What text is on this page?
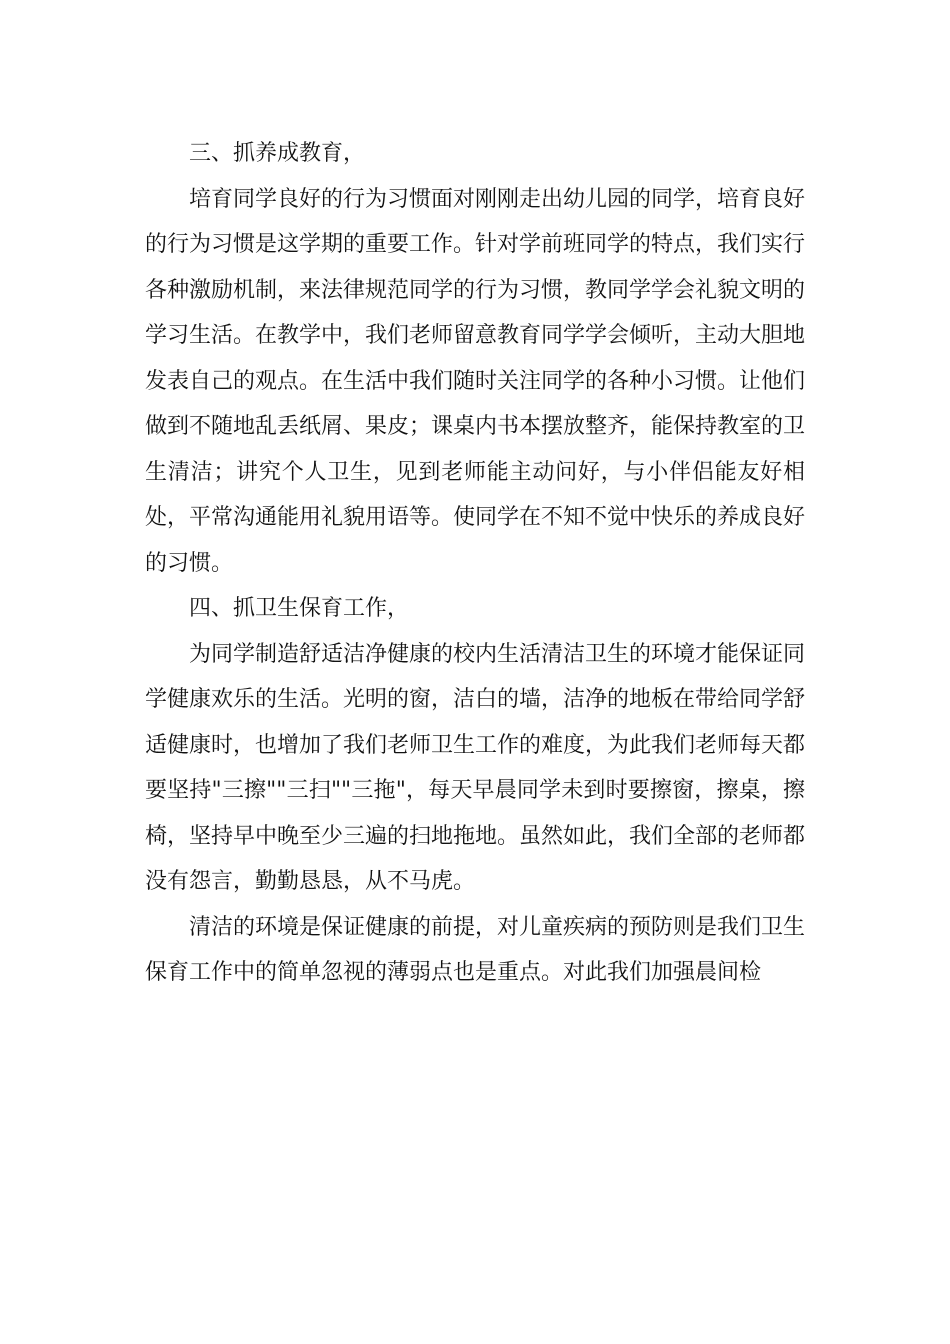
三、抓养成教育，

培育同学良好的行为习惯面对刚刚走出幼儿园的同学，培育良好的行为习惯是这学期的重要工作。针对学前班同学的特点，我们实行各种激励机制，来法律规范同学的行为习惯，教同学学会礼貌文明的学习生活。在教学中，我们老师留意教育同学学会倾听，主动大胆地发表自己的观点。在生活中我们随时关注同学的各种小习惯。让他们做到不随地乱丢纸屑、果皮；课桌内书本摆放整齐，能保持教室的卫生清洁；讲究个人卫生，见到老师能主动问好，与小伴侣能友好相处，平常沟通能用礼貌用语等。使同学在不知不觉中快乐的养成良好的习惯。

四、抓卫生保育工作，

为同学制造舒适洁净健康的校内生活清洁卫生的环境才能保证同学健康欢乐的生活。光明的窗，洁白的墙，洁净的地板在带给同学舒适健康时，也增加了我们老师卫生工作的难度，为此我们老师每天都要坚持"三擦""三扫""三拖"，每天早晨同学未到时要擦窗，擦桌，擦椅，坚持早中晚至少三遍的扫地拖地。虽然如此，我们全部的老师都没有怨言，勤勤恳恳，从不马虎。

清洁的环境是保证健康的前提，对儿童疾病的预防则是我们卫生保育工作中的简单忽视的薄弱点也是重点。对此我们加强晨间检
